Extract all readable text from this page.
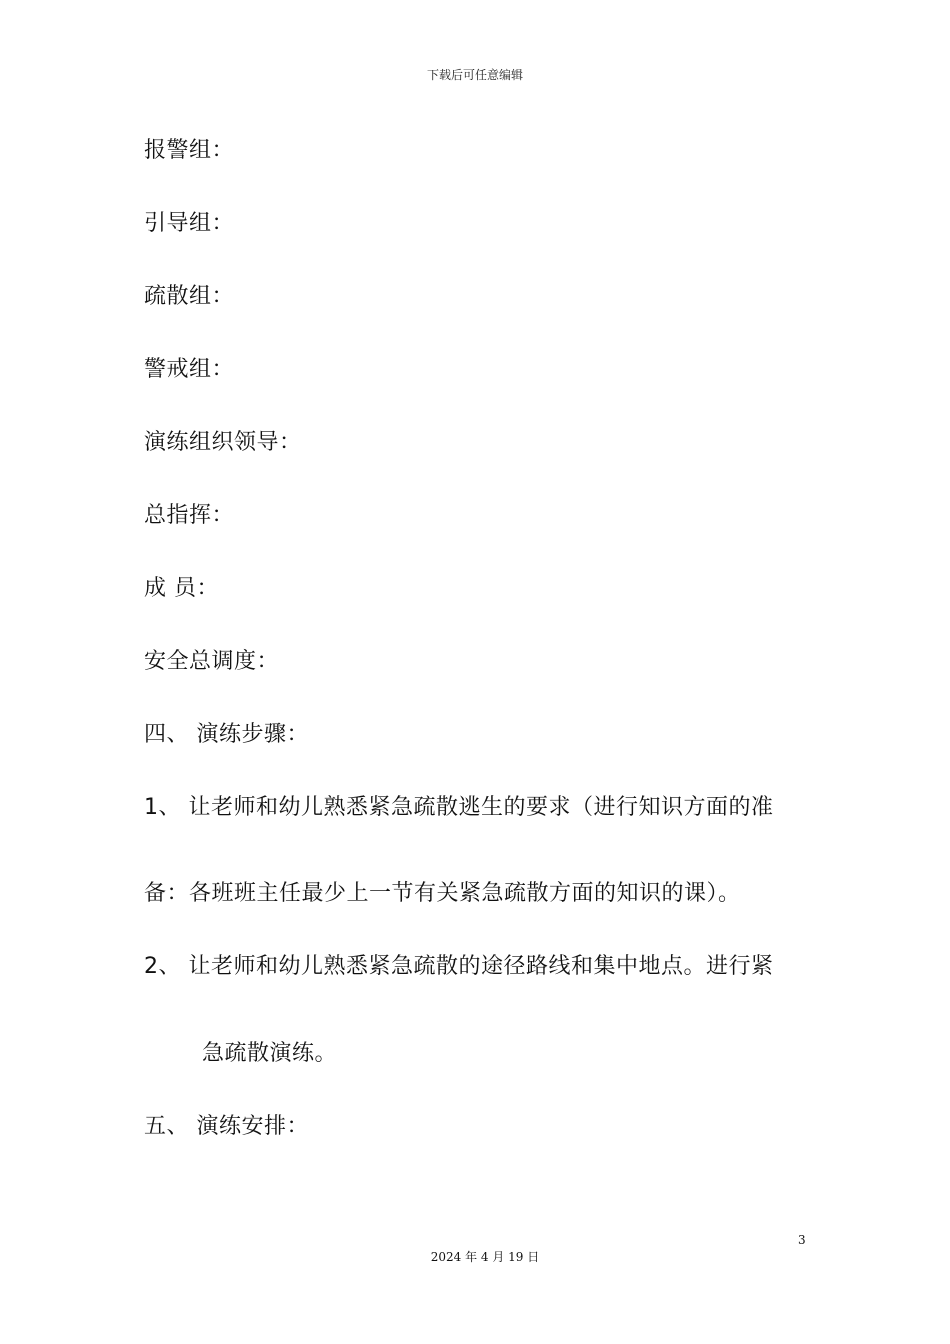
下载后可任意编辑
报警组：
引导组：
疏散组：
警戒组：
演练组织领导：
总指挥：
成 员：
安全总调度：
四、 演练步骤：
1、 让老师和幼儿熟悉紧急疏散逃生的要求（进行知识方面的准
备：各班班主任最少上一节有关紧急疏散方面的知识的课）。
2、 让老师和幼儿熟悉紧急疏散的途径路线和集中地点。进行紧
急疏散演练。
五、 演练安排：
3
2024 年 4 月 19 日
